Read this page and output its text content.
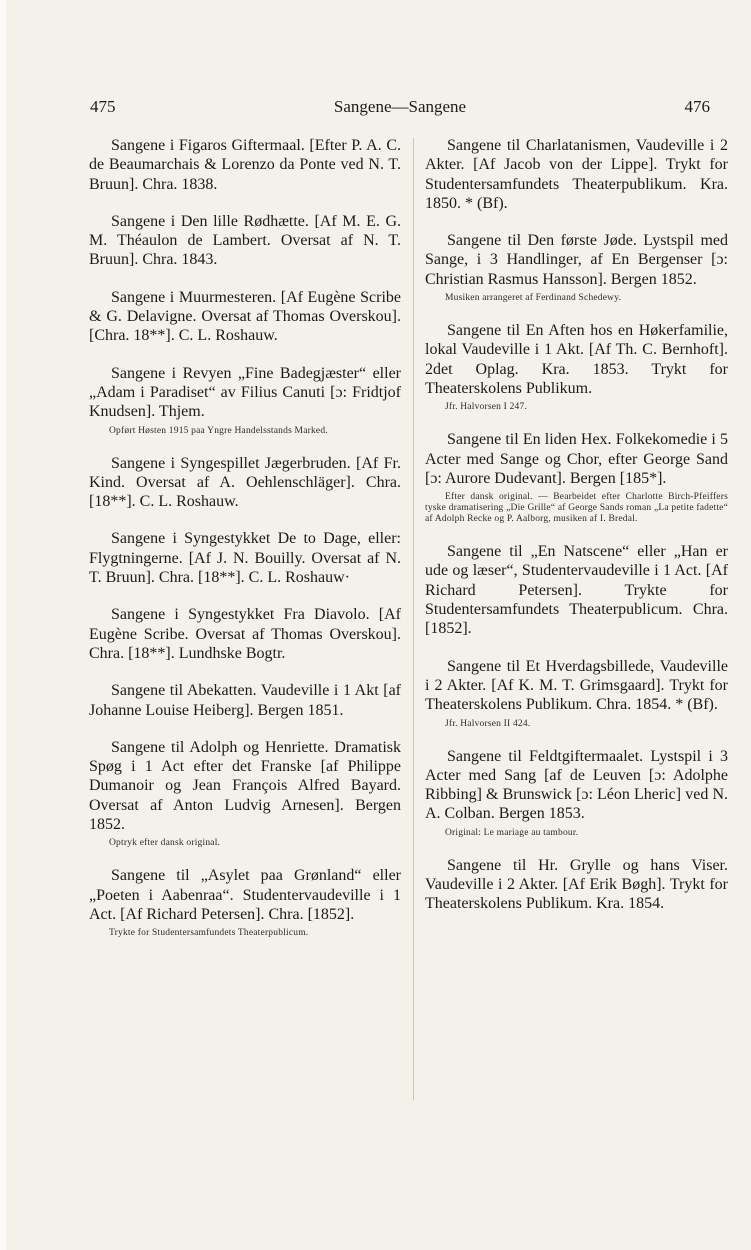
475	Sangene—Sangene	476

Sangene i Figaros Giftermaal. [Efter P. A. C. de Beaumarchais & Lorenzo da Ponte ved N. T. Bruun]. Chra. 1838.

Sangene i Den lille Rødhætte. [Af M. E. G. M. Théaulon de Lambert. Oversat af N. T. Bruun]. Chra. 1843.

Sangene i Muurmesteren. [Af Eugène Scribe & G. Delavigne. Oversat af Thomas Overskou]. [Chra. 18**]. C. L. Roshauw.

Sangene i Revyen „Fine Badegjæster“ eller „Adam i Paradiset“ av Filius Canuti [ɔ: Fridtjof Knudsen]. Thjem.

Opført Høsten 1915 paa Yngre Handelsstands Marked.

Sangene i Syngespillet Jægerbruden. [Af Fr. Kind. Oversat af A. Oehlenschläger]. Chra. [18**]. C. L. Roshauw.

Sangene i Syngestykket De to Dage, eller: Flygtningerne. [Af J. N. Bouilly. Oversat af N. T. Bruun]. Chra. [18**]. C. L. Roshauw·

Sangene i Syngestykket Fra Diavolo. [Af Eugène Scribe. Oversat af Thomas Overskou]. Chra. [18**]. Lundhske Bogtr.

Sangene til Abekatten. Vaudeville i 1 Akt [af Johanne Louise Heiberg]. Bergen 1851.

Sangene til Adolph og Henriette. Dramatisk Spøg i 1 Act efter det Franske [af Philippe Dumanoir og Jean François Alfred Bayard. Oversat af Anton Ludvig Arnesen]. Bergen 1852.

Optryk efter dansk original.

Sangene til „Asylet paa Grønland“ eller „Poeten i Aabenraa“. Studentervaudeville i 1 Act. [Af Richard Petersen]. Chra. [1852].

Trykte for Studentersamfundets Theaterpublicum.

Sangene til Charlatanismen, Vaudeville i 2 Akter. [Af Jacob von der Lippe]. Trykt for Studentersamfundets Theaterpublikum. Kra. 1850. * (Bf).

Sangene til Den første Jøde. Lystspil med Sange, i 3 Handlinger, af En Bergenser [ɔ: Christian Rasmus Hansson]. Bergen 1852.

Musiken arrangeret af Ferdinand Schedewy.

Sangene til En Aften hos en Høkerfamilie, lokal Vaudeville i 1 Akt. [Af Th. C. Bernhoft]. 2det Oplag. Kra. 1853. Trykt for Theaterskolens Publikum.

Jfr. Halvorsen I 247.

Sangene til En liden Hex. Folkekomedie i 5 Acter med Sange og Chor, efter George Sand [ɔ: Aurore Dudevant]. Bergen [185*].

Efter dansk original. — Bearbeidet efter Charlotte Birch-Pfeiffers tyske dramatisering „Die Grille“ af George Sands roman „La petite fadette“ af Adolph Recke og P. Aalborg, musiken af I. Bredal.

Sangene til „En Natscene“ eller „Han er ude og læser“, Studentervaudeville i 1 Act. [Af Richard Petersen]. Trykte for Studentersamfundets Theaterpublicum. Chra.[1852].

Sangene til Et Hverdagsbillede, Vaudeville i 2 Akter. [Af K. M. T. Grimsgaard]. Trykt for Theaterskolens Publikum. Chra. 1854. * (Bf).

Jfr. Halvorsen II 424.

Sangene til Feldtgiftermaalet. Lystspil i 3 Acter med Sang [af de Leuven [ɔ: Adolphe Ribbing] & Brunswick [ɔ: Léon Lheric] ved N. A. Colban. Bergen 1853.

Original: Le mariage au tambour.

Sangene til Hr. Grylle og hans Viser. Vaudeville i 2 Akter. [Af Erik Bøgh]. Trykt for Theaterskolens Publikum. Kra. 1854.
